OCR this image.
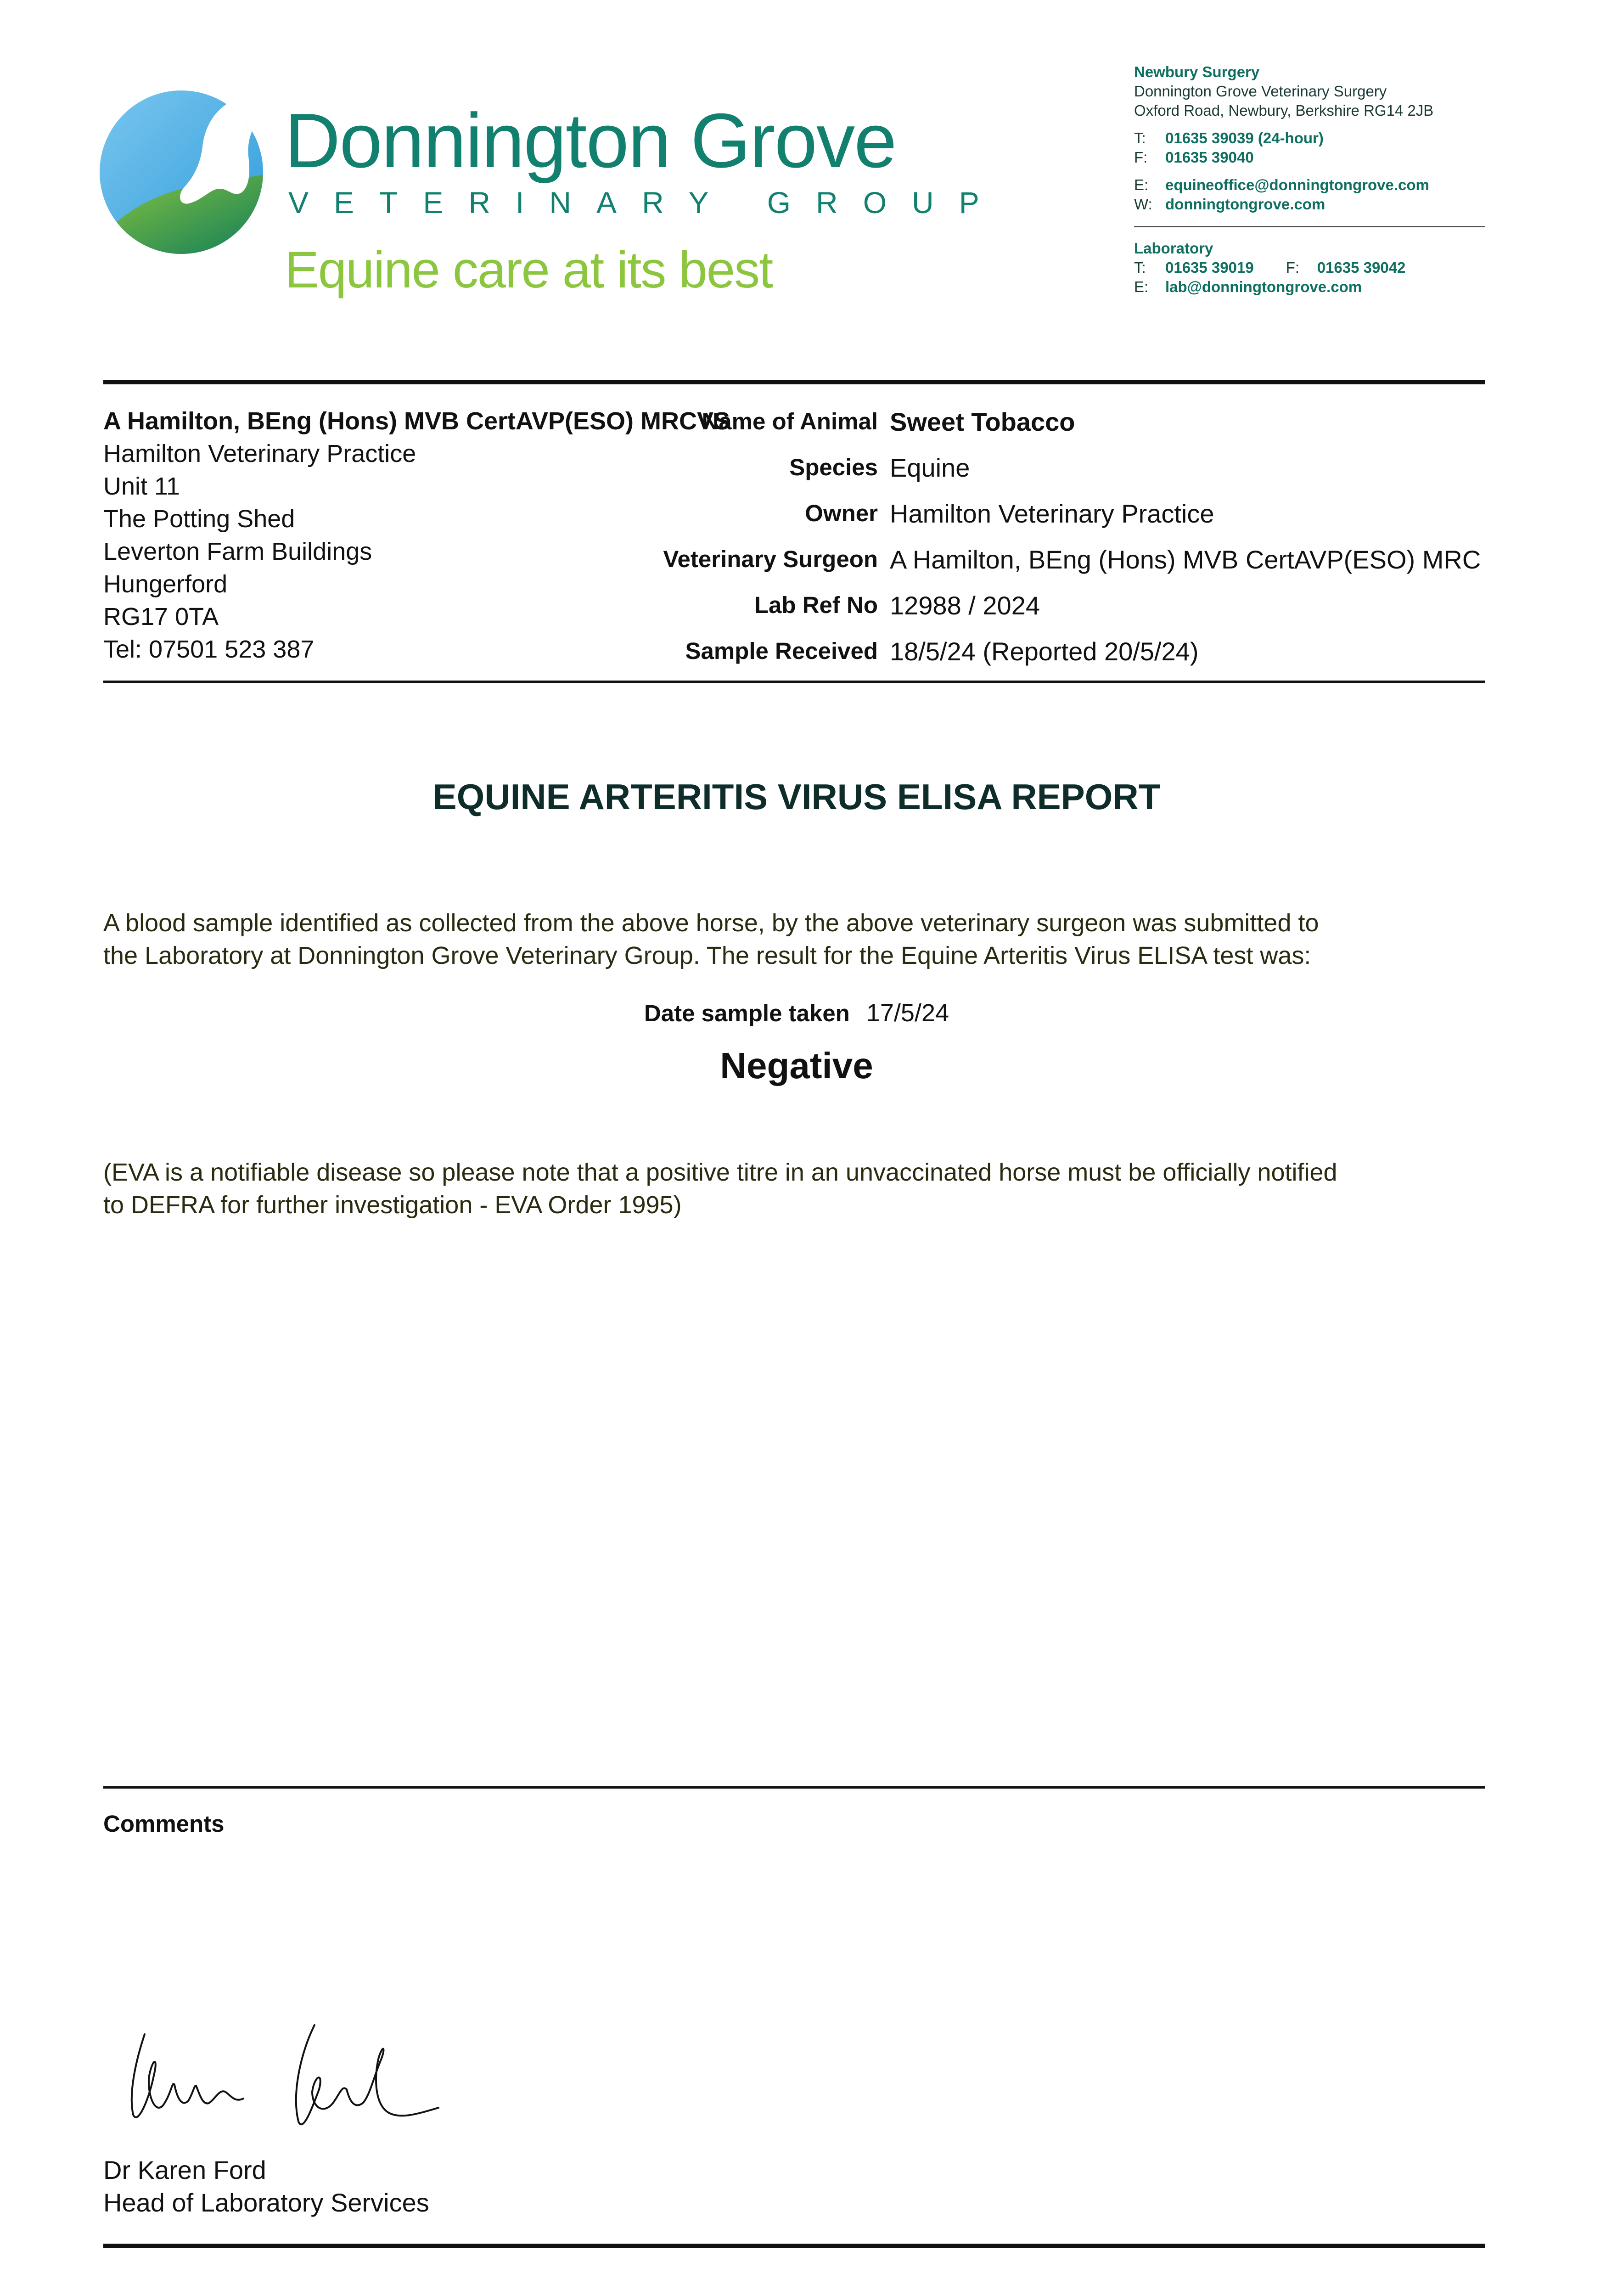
Donnington Grove
VETERINARY GROUP
Equine care at its best
Newbury Surgery
Donnington Grove Veterinary Surgery
Oxford Road, Newbury, Berkshire RG14 2JB
T: 01635 39039 (24-hour)
F: 01635 39040
E: equineoffice@donningtongrove.com
W: donningtongrove.com
Laboratory
T: 01635 39019 F: 01635 39042
E: lab@donningtongrove.com
A Hamilton, BEng (Hons) MVB CertAVP(ESO) MRCVS
Hamilton Veterinary Practice
Unit 11
The Potting Shed
Leverton Farm Buildings
Hungerford
RG17 0TA
Tel: 07501 523 387
Name of Animal Sweet Tobacco
Species Equine
Owner Hamilton Veterinary Practice
Veterinary Surgeon A Hamilton, BEng (Hons) MVB CertAVP(ESO) MRC
Lab Ref No 12988 / 2024
Sample Received 18/5/24 (Reported 20/5/24)
EQUINE ARTERITIS VIRUS ELISA REPORT
A blood sample identified as collected from the above horse, by the above veterinary surgeon was submitted to
the Laboratory at Donnington Grove Veterinary Group. The result for the Equine Arteritis Virus ELISA test was:
Date sample taken 17/5/24
Negative
(EVA is a notifiable disease so please note that a positive titre in an unvaccinated horse must be officially notified
to DEFRA for further investigation - EVA Order 1995)
Comments
Dr Karen Ford
Head of Laboratory Services
